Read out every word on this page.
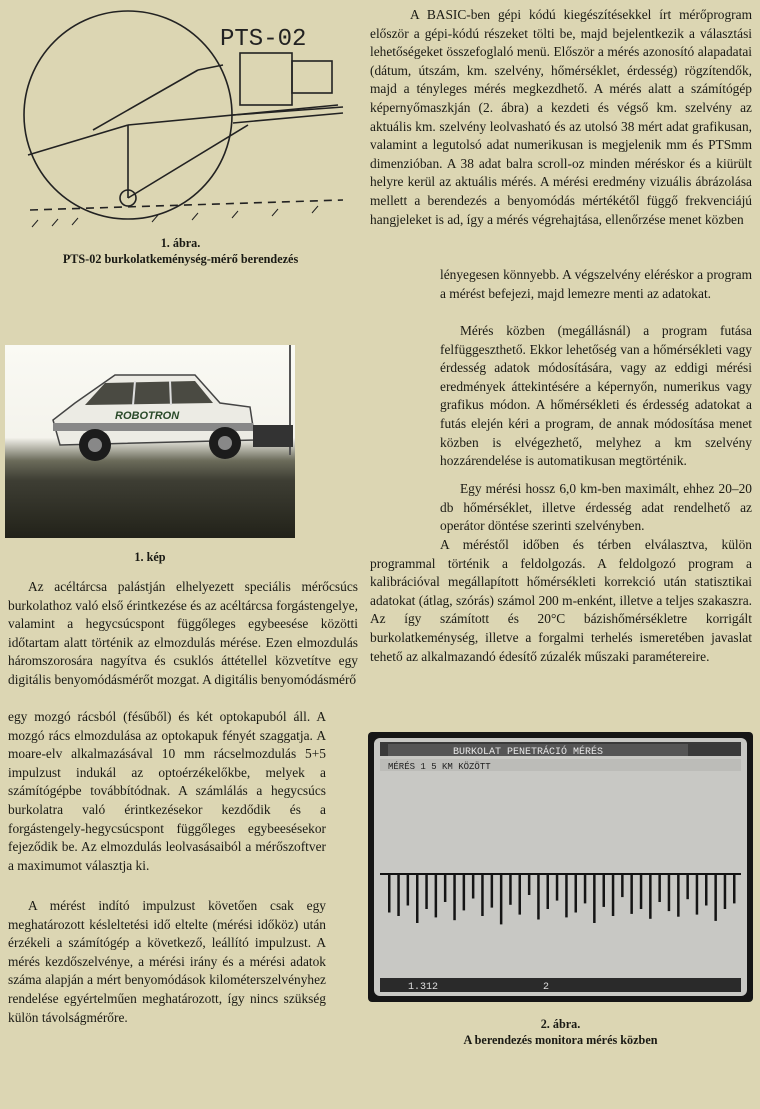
PTS-02
1. ábra.
PTS-02 burkolatkeménység-mérő berendezés
ROBOTRON
1. kép

Az acéltárcsa palástján elhelyezett speciális mérőcsúcs burkolathoz való első érintkezése és az acéltárcsa forgástengelye, valamint a hegycsúcspont függőleges egybeesése közötti időtartam alatt történik az elmozdulás mérése. Ezen elmozdulás háromszorosára nagyítva és csuklós áttétellel közvetítve egy digitális benyomódásmérőt mozgat. A digitális benyomódásmérő

egy mozgó rácsból (fésűből) és két optokapuból áll. A mozgó rács elmozdulása az optokapuk fényét szaggatja. A moare-elv alkalmazásával 10 mm rácselmozdulás 5+5 impulzust indukál az optoérzékelőkbe, melyek a számítógépbe továbbítódnak. A számlálás a hegycsúcs burkolatra való érintkezésekor kezdődik és a forgástengely-hegycsúcspont függőleges egybeesésekor fejeződik be. Az elmozdulás leolvasásaiból a mérőszoftver a maximumot választja ki.

A mérést indító impulzust követően csak egy meghatározott késleltetési idő eltelte (mérési időköz) után érzékeli a számítógép a következő, leállító impulzust. A mérés kezdőszelvénye, a mérési irány és a mérési adatok száma alapján a mért benyomódások kilométerszelvényhez rendelése egyértelműen meghatározott, így nincs szükség külön távolságmérőre.

A BASIC-ben gépi kódú kiegészítésekkel írt mérőprogram először a gépi-kódú részeket tölti be, majd bejelentkezik a választási lehetőségeket összefoglaló menü. Először a mérés azonosító alapadatai (dátum, útszám, km. szelvény, hőmérséklet, érdesség) rögzítendők, majd a tényleges mérés megkezdhető. A mérés alatt a számítógép képernyőmaszkján (2. ábra) a kezdeti és végső km. szelvény az aktuális km. szelvény leolvasható és az utolsó 38 mért adat grafikusan, valamint a legutolsó adat numerikusan is megjelenik mm és PTSmm dimenzióban. A 38 adat balra scroll-oz minden méréskor és a kiürült helyre kerül az aktuális mérés. A mérési eredmény vizuális ábrázolása mellett a berendezés a benyomódás mértékétől függő frekvenciájú hangjeleket is ad, így a mérés végrehajtása, ellenőrzése menet közben

lényegesen könnyebb. A végszelvény eléréskor a program a mérést befejezi, majd lemezre menti az adatokat.

Mérés közben (megállásnál) a program futása felfüggeszthető. Ekkor lehetőség van a hőmérsékleti vagy érdesség adatok módosítására, vagy az eddigi mérési eredmények áttekintésére a képernyőn, numerikus vagy grafikus módon. A hőmérsékleti és érdesség adatokat a futás elején kéri a program, de annak módosítása menet közben is elvégezhető, melyhez a km szelvény hozzárendelése is automatikusan megtörténik.

Egy mérési hossz 6,0 km-ben maximált, ehhez 20–20 db hőmérséklet, illetve érdesség adat rendelhető az operátor döntése szerinti szelvényben.

A méréstől időben és térben elválasztva, külön programmal történik a feldolgozás. A feldolgozó program a kalibrációval megállapított hőmérsékleti korrekció után statisztikai adatokat (átlag, szórás) számol 200 m-enként, illetve a teljes szakaszra. Az így számított és 20°C bázishőmérsékletre korrigált burkolatkeménység, illetve a forgalmi terhelés ismeretében javaslat tehető az alkalmazandó édesítő zúzalék műszaki paramétereire.

BURKOLAT PENETRÁCIÓ MÉRÉS
MÉRÉS 1 5 KM KÖZÖTT
1.312	2
2. ábra.
A berendezés monitora mérés közben
